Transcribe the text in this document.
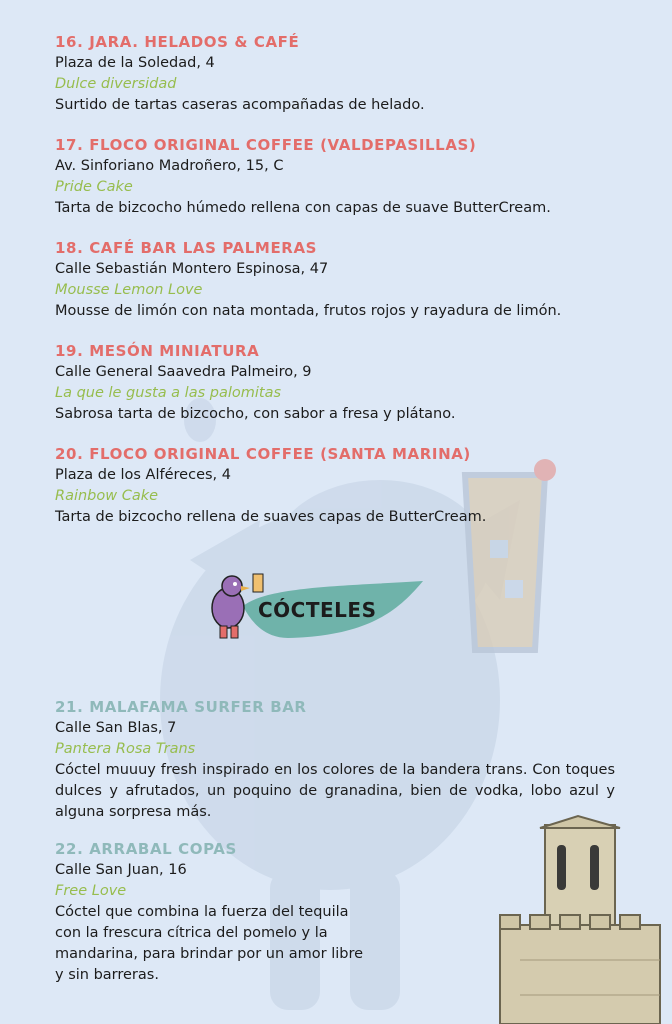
CÓCTELES
16. JARA. HELADOS & CAFÉ
Plaza de la Soledad, 4
Dulce diversidad
Surtido de tartas caseras acompañadas de helado.
17. FLOCO ORIGINAL COFFEE (VALDEPASILLAS)
Av. Sinforiano Madroñero, 15, C
Pride Cake
Tarta de bizcocho húmedo rellena con capas de suave ButterCream.
18. CAFÉ BAR LAS PALMERAS
Calle Sebastián Montero Espinosa, 47
Mousse Lemon Love
Mousse de limón con nata montada, frutos rojos y rayadura de limón.
19. MESÓN MINIATURA
Calle General Saavedra Palmeiro, 9
La que le gusta a las palomitas
Sabrosa tarta de bizcocho, con sabor a fresa y plátano.
20. FLOCO ORIGINAL COFFEE (SANTA MARINA)
Plaza de los Alféreces, 4
Rainbow Cake
Tarta de bizcocho rellena de suaves capas de ButterCream.
21. MALAFAMA SURFER BAR
Calle San Blas, 7
Pantera Rosa Trans
Cóctel muuuy fresh inspirado en los colores de la bandera trans. Con toques dulces y afrutados, un poquino de granadina, bien de vodka, lobo azul y alguna sorpresa más.
22. ARRABAL COPAS
Calle San Juan, 16
Free Love
Cóctel que combina la fuerza del tequila con la frescura cítrica del pomelo y la mandarina, para brindar por un amor libre y sin barreras.
